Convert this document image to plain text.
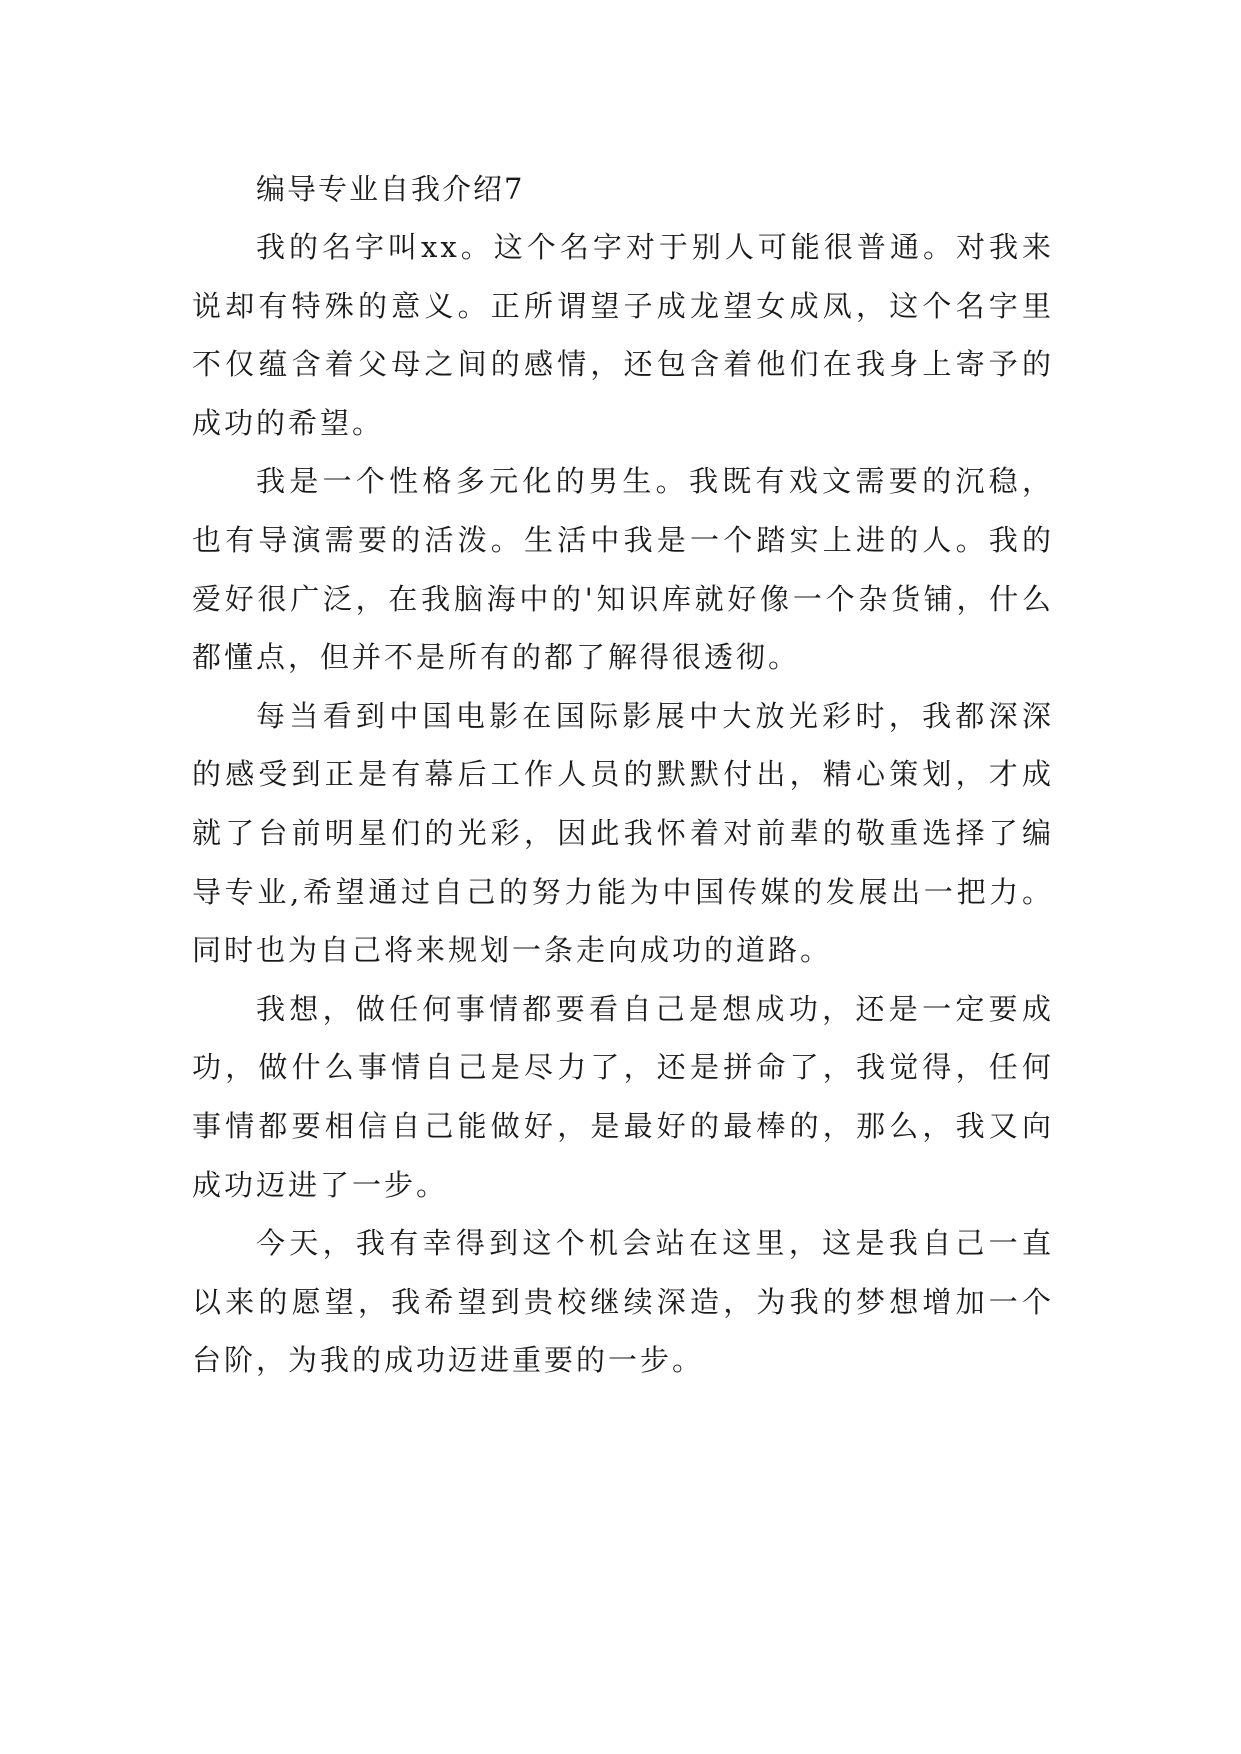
编导专业自我介绍7

我的名字叫xx。这个名字对于别人可能很普通。对我来说却有特殊的意义。正所谓望子成龙望女成凤，这个名字里不仅蕴含着父母之间的感情，还包含着他们在我身上寄予的成功的希望。

我是一个性格多元化的男生。我既有戏文需要的沉稳，也有导演需要的活泼。生活中我是一个踏实上进的人。我的爱好很广泛，在我脑海中的'知识库就好像一个杂货铺，什么都懂点，但并不是所有的都了解得很透彻。

每当看到中国电影在国际影展中大放光彩时，我都深深的感受到正是有幕后工作人员的默默付出，精心策划，才成就了台前明星们的光彩，因此我怀着对前辈的敬重选择了编导专业,希望通过自己的努力能为中国传媒的发展出一把力。同时也为自己将来规划一条走向成功的道路。

我想，做任何事情都要看自己是想成功，还是一定要成功，做什么事情自己是尽力了，还是拼命了，我觉得，任何事情都要相信自己能做好，是最好的最棒的，那么，我又向成功迈进了一步。

今天，我有幸得到这个机会站在这里，这是我自己一直以来的愿望，我希望到贵校继续深造，为我的梦想增加一个台阶，为我的成功迈进重要的一步。
